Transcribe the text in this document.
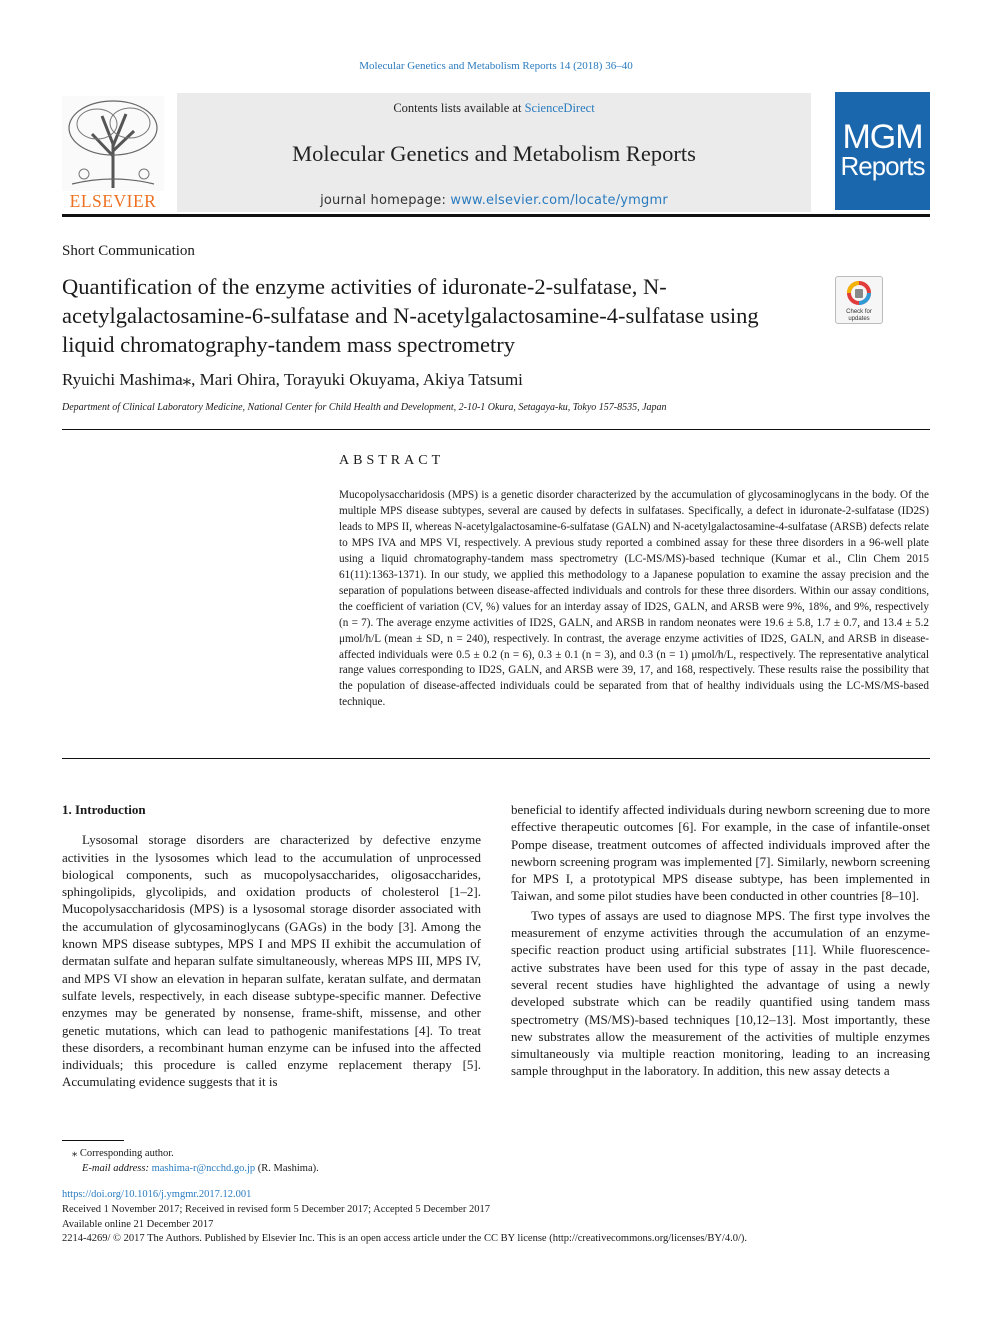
Molecular Genetics and Metabolism Reports 14 (2018) 36–40
ELSEVIER
Contents lists available at ScienceDirect
Molecular Genetics and Metabolism Reports
journal homepage: www.elsevier.com/locate/ymgmr
MGM
Reports
Short Communication
Quantification of the enzyme activities of iduronate-2-sulfatase, N-acetylgalactosamine-6-sulfatase and N-acetylgalactosamine-4-sulfatase using liquid chromatography-tandem mass spectrometry
Check for
updates
Ryuichi Mashima⁎, Mari Ohira, Torayuki Okuyama, Akiya Tatsumi
Department of Clinical Laboratory Medicine, National Center for Child Health and Development, 2-10-1 Okura, Setagaya-ku, Tokyo 157-8535, Japan
ABSTRACT
Mucopolysaccharidosis (MPS) is a genetic disorder characterized by the accumulation of glycosaminoglycans in the body. Of the multiple MPS disease subtypes, several are caused by defects in sulfatases. Specifically, a defect in iduronate-2-sulfatase (ID2S) leads to MPS II, whereas N-acetylgalactosamine-6-sulfatase (GALN) and N-acetylgalactosamine-4-sulfatase (ARSB) defects relate to MPS IVA and MPS VI, respectively. A previous study reported a combined assay for these three disorders in a 96-well plate using a liquid chromatography-tandem mass spectrometry (LC-MS/MS)-based technique (Kumar et al., Clin Chem 2015 61(11):1363-1371). In our study, we applied this methodology to a Japanese population to examine the assay precision and the separation of populations between disease-affected individuals and controls for these three disorders. Within our assay conditions, the coefficient of variation (CV, %) values for an interday assay of ID2S, GALN, and ARSB were 9%, 18%, and 9%, respectively (n = 7). The average enzyme activities of ID2S, GALN, and ARSB in random neonates were 19.6 ± 5.8, 1.7 ± 0.7, and 13.4 ± 5.2 μmol/h/L (mean ± SD, n = 240), respectively. In contrast, the average enzyme activities of ID2S, GALN, and ARSB in disease-affected individuals were 0.5 ± 0.2 (n = 6), 0.3 ± 0.1 (n = 3), and 0.3 (n = 1) μmol/h/L, respectively. The representative analytical range values corresponding to ID2S, GALN, and ARSB were 39, 17, and 168, respectively. These results raise the possibility that the population of disease-affected individuals could be separated from that of healthy individuals using the LC-MS/MS-based technique.
1. Introduction
Lysosomal storage disorders are characterized by defective enzyme activities in the lysosomes which lead to the accumulation of unprocessed biological components, such as mucopolysaccharides, oligosaccharides, sphingolipids, glycolipids, and oxidation products of cholesterol [1–2]. Mucopolysaccharidosis (MPS) is a lysosomal storage disorder associated with the accumulation of glycosaminoglycans (GAGs) in the body [3]. Among the known MPS disease subtypes, MPS I and MPS II exhibit the accumulation of dermatan sulfate and heparan sulfate simultaneously, whereas MPS III, MPS IV, and MPS VI show an elevation in heparan sulfate, keratan sulfate, and dermatan sulfate levels, respectively, in each disease subtype-specific manner. Defective enzymes may be generated by nonsense, frame-shift, missense, and other genetic mutations, which can lead to pathogenic manifestations [4]. To treat these disorders, a recombinant human enzyme can be infused into the affected individuals; this procedure is called enzyme replacement therapy [5]. Accumulating evidence suggests that it is
beneficial to identify affected individuals during newborn screening due to more effective therapeutic outcomes [6]. For example, in the case of infantile-onset Pompe disease, treatment outcomes of affected individuals improved after the newborn screening program was implemented [7]. Similarly, newborn screening for MPS I, a prototypical MPS disease subtype, has been implemented in Taiwan, and some pilot studies have been conducted in other countries [8–10].
Two types of assays are used to diagnose MPS. The first type involves the measurement of enzyme activities through the accumulation of an enzyme-specific reaction product using artificial substrates [11]. While fluorescence-active substrates have been used for this type of assay in the past decade, several recent studies have highlighted the advantage of using a newly developed substrate which can be readily quantified using tandem mass spectrometry (MS/MS)-based techniques [10,12–13]. Most importantly, these new substrates allow the measurement of the activities of multiple enzymes simultaneously via multiple reaction monitoring, leading to an increasing sample throughput in the laboratory. In addition, this new assay detects a
⁎ Corresponding author.
E-mail address: mashima-r@ncchd.go.jp (R. Mashima).
https://doi.org/10.1016/j.ymgmr.2017.12.001
Received 1 November 2017; Received in revised form 5 December 2017; Accepted 5 December 2017
Available online 21 December 2017
2214-4269/ © 2017 The Authors. Published by Elsevier Inc. This is an open access article under the CC BY license (http://creativecommons.org/licenses/BY/4.0/).
